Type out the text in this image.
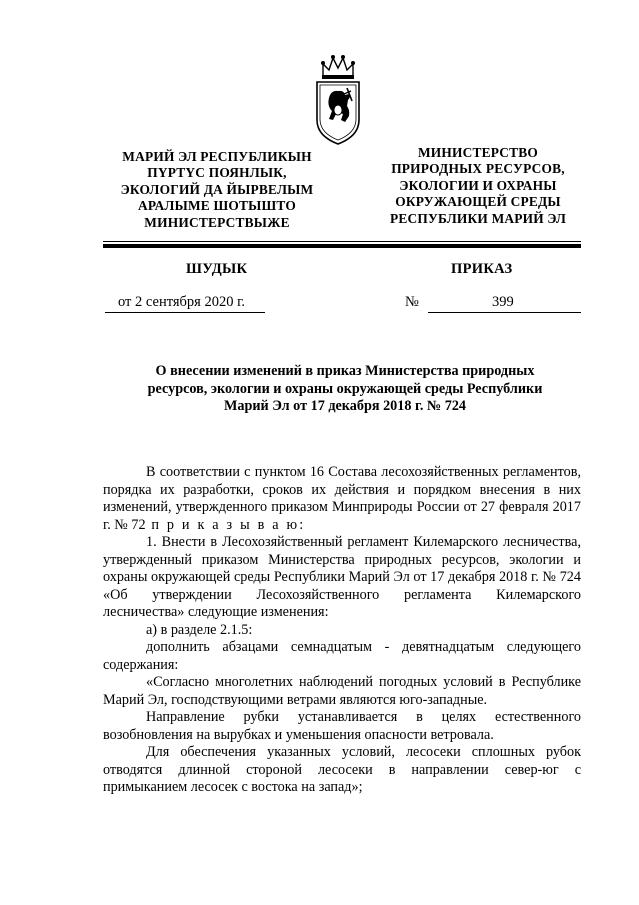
МАРИЙ ЭЛ РЕСПУБЛИКЫН
ПҮРТҮС ПОЯНЛЫК,
ЭКОЛОГИЙ ДА ЙЫРВЕЛЫМ
АРАЛЫМЕ ШОТЫШТО
МИНИСТЕРСТВЫЖЕ
МИНИСТЕРСТВО
ПРИРОДНЫХ РЕСУРСОВ,
ЭКОЛОГИИ И ОХРАНЫ
ОКРУЖАЮЩЕЙ СРЕДЫ
РЕСПУБЛИКИ МАРИЙ ЭЛ
ШУДЫК	ПРИКАЗ
от 2 сентября 2020 г.	№	399
О внесении изменений в приказ Министерства природных
ресурсов, экологии и охраны окружающей среды Республики
Марий Эл от 17 декабря 2018 г. № 724

В соответствии с пунктом 16 Состава лесохозяйственных регламентов, порядка их разработки, сроков их действия и порядком внесения в них изменений, утвержденного приказом Минприроды России от 27 февраля 2017 г. № 72 п р и к а з ы в а ю:

1. Внести в Лесохозяйственный регламент Килемарского лесничества, утвержденный приказом Министерства природных ресурсов, экологии и охраны окружающей среды Республики Марий Эл от 17 декабря 2018 г. № 724 «Об утверждении Лесохозяйственного регламента Килемарского лесничества» следующие изменения:

а) в разделе 2.1.5:

дополнить абзацами семнадцатым - девятнадцатым следующего содержания:

«Согласно многолетних наблюдений погодных условий в Республике Марий Эл, господствующими ветрами являются юго-западные.

Направление рубки устанавливается в целях естественного возобновления на вырубках и уменьшения опасности ветровала.

Для обеспечения указанных условий, лесосеки сплошных рубок отводятся длинной стороной лесосеки в направлении север-юг с примыканием лесосек с востока на запад»;
